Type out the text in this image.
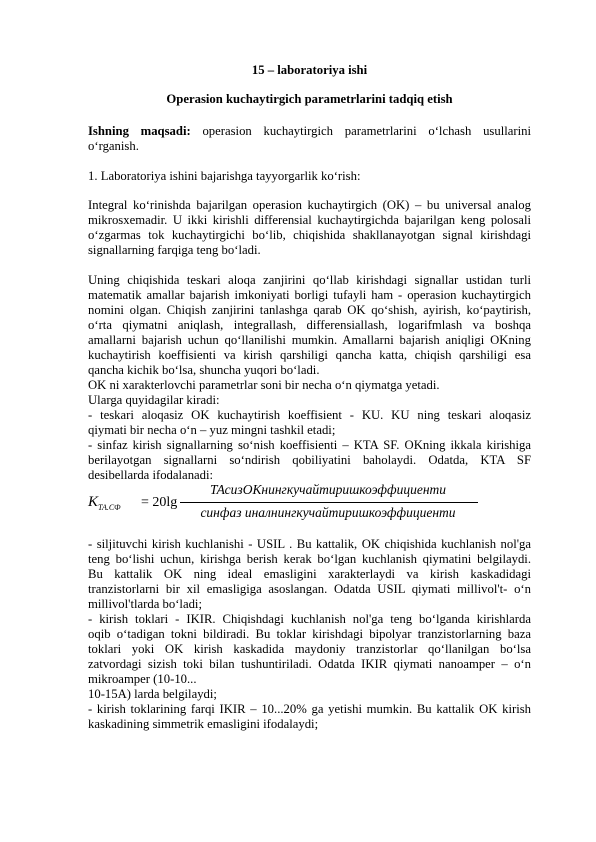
15 – laboratoriya ishi
Operasion kuchaytirgich parametrlarini tadqiq etish
Ishning maqsadi: operasion kuchaytirgich parametrlarini o‘lchash usullarini
o‘rganish.
1. Laboratoriya ishini bajarishga tayyorgarlik ko‘rish:
Integral ko‘rinishda bajarilgan operasion kuchaytirgich (OK) – bu universal analog
mikrosxemadir. U ikki kirishli differensial kuchaytirgichda bajarilgan keng polosali
o‘zgarmas tok kuchaytirgichi bo‘lib, chiqishida shakllanayotgan signal kirishdagi
signallarning farqiga teng bo‘ladi.
Uning chiqishida teskari aloqa zanjirini qo‘llab kirishdagi signallar ustidan turli
matematik amallar bajarish imkoniyati borligi tufayli ham - operasion kuchaytirgich
nomini olgan. Chiqish zanjirini tanlashga qarab OK qo‘shish, ayirish, ko‘paytirish,
o‘rta qiymatni aniqlash, integrallash, differensiallash, logarifmlash va boshqa
amallarni bajarish uchun qo‘llanilishi mumkin. Amallarni bajarish aniqligi OKning
kuchaytirish koeffisienti va kirish qarshiligi qancha katta, chiqish qarshiligi esa
qancha kichik bo‘lsa, shuncha yuqori bo‘ladi.
OK ni xarakterlovchi parametrlar soni bir necha o‘n qiymatga yetadi.
Ularga quyidagilar kiradi:
- teskari aloqasiz OK kuchaytirish koeffisient - KU. KU ning teskari aloqasiz
qiymati bir necha o‘n – yuz mingni tashkil etadi;
- sinfaz kirish signallarning so‘nish koeffisienti – KTA SF. OKning ikkala kirishiga
berilayotgan signallarni so‘ndirish qobiliyatini baholaydi. Odatda, KTA SF
desibellarda ifodalanadi:
$K_{ТА.СФ} = 20\lg$
ТАсизОКнингкучайтиришкоэффициенти
синфаз иналнингкучайтиришкоэффициенти
- siljituvchi kirish kuchlanishi - USIL . Bu kattalik, OK chiqishida kuchlanish nol'ga
teng bo‘lishi uchun, kirishga berish kerak bo‘lgan kuchlanish qiymatini belgilaydi.
Bu kattalik OK ning ideal emasligini xarakterlaydi va kirish kaskadidagi
tranzistorlarni bir xil emasligiga asoslangan. Odatda USIL qiymati millivol't- o‘n
millivol'tlarda bo‘ladi;
- kirish toklari - IKIR. Chiqishdagi kuchlanish nol'ga teng bo‘lganda kirishlarda
oqib o‘tadigan tokni bildiradi. Bu toklar kirishdagi bipolyar tranzistorlarning baza
toklari yoki OK kirish kaskadida maydoniy tranzistorlar qo‘llanilgan bo‘lsa
zatvordagi sizish toki bilan tushuntiriladi. Odatda IKIR qiymati nanoamper – o‘n
mikroamper (10-10...
10-15A) larda belgilaydi;
- kirish toklarining farqi IKIR – 10...20% ga yetishi mumkin. Bu kattalik OK kirish
kaskadining simmetrik emasligini ifodalaydi;
